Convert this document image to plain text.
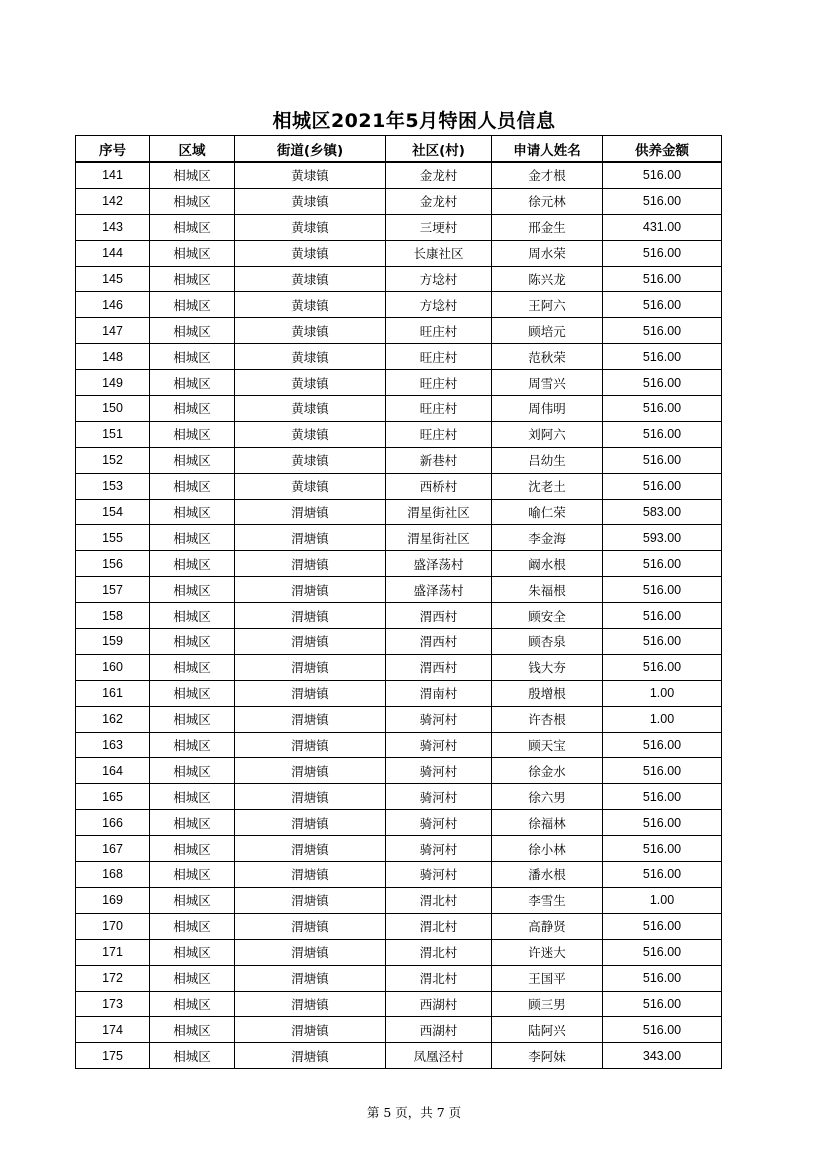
相城区2021年5月特困人员信息
序号	区域	街道(乡镇)	社区(村)	申请人姓名	供养金额
141	相城区	黄埭镇	金龙村	金才根	516.00
142	相城区	黄埭镇	金龙村	徐元林	516.00
143	相城区	黄埭镇	三埂村	邢金生	431.00
144	相城区	黄埭镇	长康社区	周水荣	516.00
145	相城区	黄埭镇	方埝村	陈兴龙	516.00
146	相城区	黄埭镇	方埝村	王阿六	516.00
147	相城区	黄埭镇	旺庄村	顾培元	516.00
148	相城区	黄埭镇	旺庄村	范秋荣	516.00
149	相城区	黄埭镇	旺庄村	周雪兴	516.00
150	相城区	黄埭镇	旺庄村	周伟明	516.00
151	相城区	黄埭镇	旺庄村	刘阿六	516.00
152	相城区	黄埭镇	新巷村	吕幼生	516.00
153	相城区	黄埭镇	西桥村	沈老土	516.00
154	相城区	渭塘镇	渭星街社区	喻仁荣	583.00
155	相城区	渭塘镇	渭星街社区	李金海	593.00
156	相城区	渭塘镇	盛泽荡村	阚水根	516.00
157	相城区	渭塘镇	盛泽荡村	朱福根	516.00
158	相城区	渭塘镇	渭西村	顾安全	516.00
159	相城区	渭塘镇	渭西村	顾杏泉	516.00
160	相城区	渭塘镇	渭西村	钱大夯	516.00
161	相城区	渭塘镇	渭南村	殷增根	1.00
162	相城区	渭塘镇	骑河村	许杏根	1.00
163	相城区	渭塘镇	骑河村	顾天宝	516.00
164	相城区	渭塘镇	骑河村	徐金水	516.00
165	相城区	渭塘镇	骑河村	徐六男	516.00
166	相城区	渭塘镇	骑河村	徐福林	516.00
167	相城区	渭塘镇	骑河村	徐小林	516.00
168	相城区	渭塘镇	骑河村	潘水根	516.00
169	相城区	渭塘镇	渭北村	李雪生	1.00
170	相城区	渭塘镇	渭北村	高静贤	516.00
171	相城区	渭塘镇	渭北村	许迷大	516.00
172	相城区	渭塘镇	渭北村	王国平	516.00
173	相城区	渭塘镇	西湖村	顾三男	516.00
174	相城区	渭塘镇	西湖村	陆阿兴	516.00
175	相城区	渭塘镇	凤凰泾村	李阿妹	343.00
第 5 页，共 7 页
